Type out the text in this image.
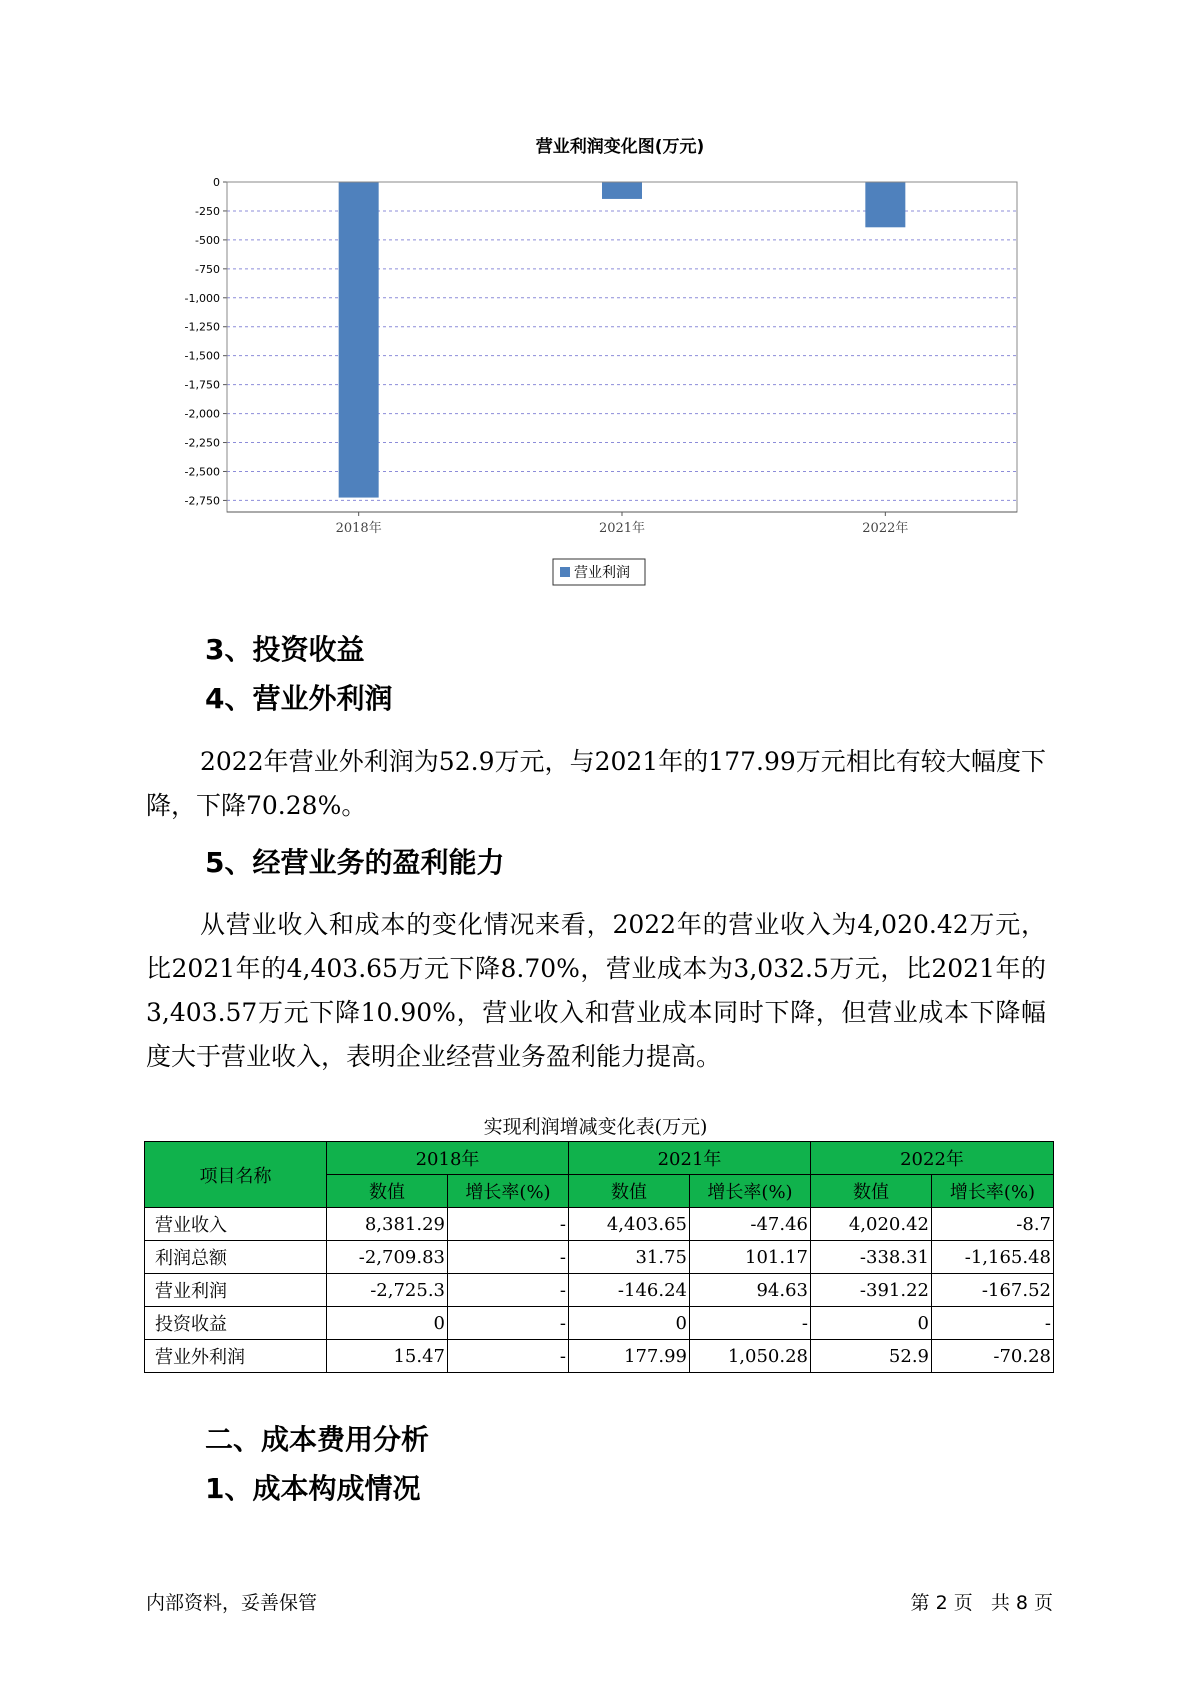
营业利润变化图(万元)
0
-250
-500
-750
-1,000
-1,250
-1,500
-1,750
-2,000
-2,250
-2,500
-2,750
2018年	2021年	2022年
营业利润
3、投资收益
4、营业外利润
2022年营业外利润为52.9万元，与2021年的177.99万元相比有较大幅度下降，下降70.28%。
5、经营业务的盈利能力
从营业收入和成本的变化情况来看，2022年的营业收入为4,020.42万元，比2021年的4,403.65万元下降8.70%，营业成本为3,032.5万元，比2021年的3,403.57万元下降10.90%，营业收入和营业成本同时下降，但营业成本下降幅度大于营业收入，表明企业经营业务盈利能力提高。
实现利润增减变化表(万元)
项目名称	2018年		2021年		2022年	
	数值	增长率(%)	数值	增长率(%)	数值	增长率(%)
营业收入	8,381.29	-	4,403.65	-47.46	4,020.42	-8.7
利润总额	-2,709.83	-	31.75	101.17	-338.31	-1,165.48
营业利润	-2,725.3	-	-146.24	94.63	-391.22	-167.52
投资收益	0	-	0	-	0	-
营业外利润	15.47	-	177.99	1,050.28	52.9	-70.28
二、成本费用分析
1、成本构成情况
内部资料，妥善保管	第 2 页   共 8 页
